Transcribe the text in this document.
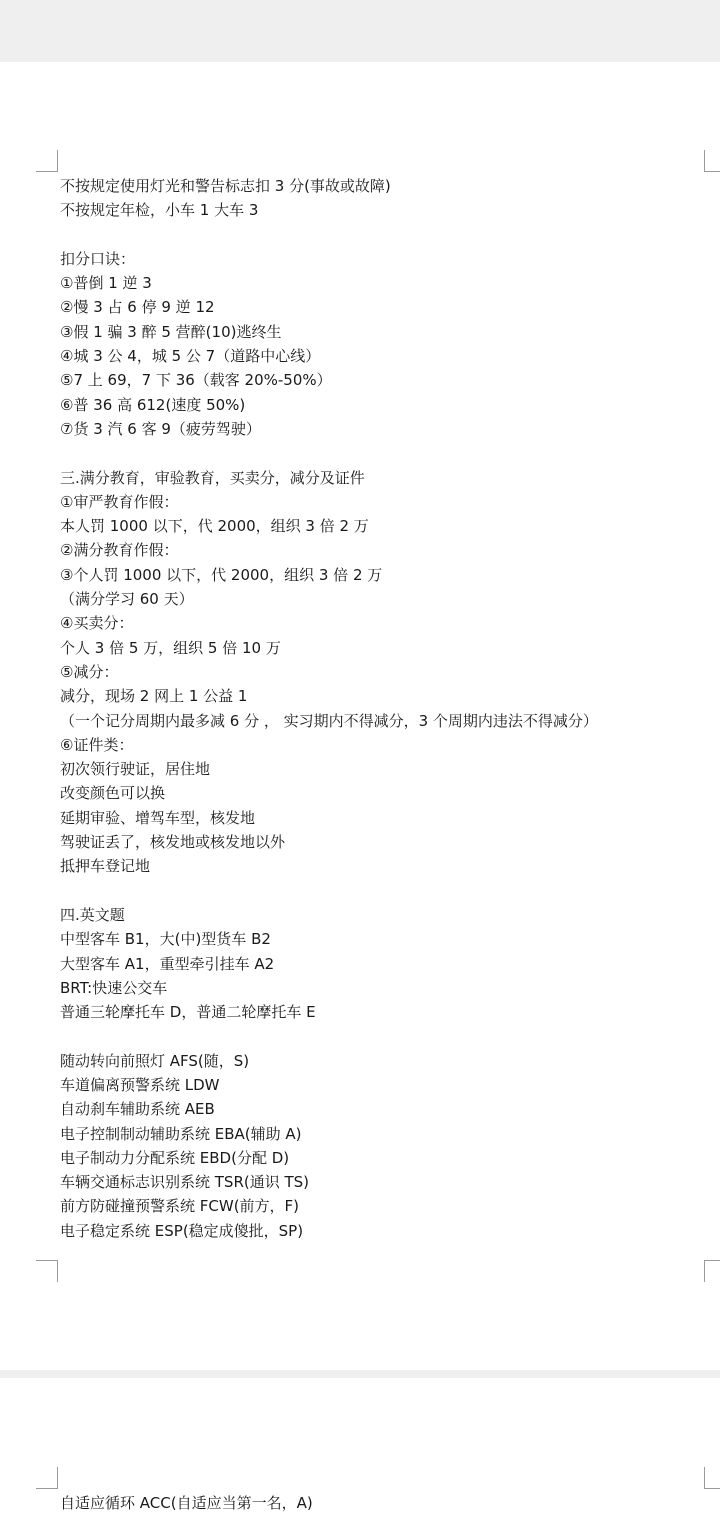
不按规定使用灯光和警告标志扣 3 分(事故或故障)
不按规定年检，小车 1 大车 3
扣分口诀：
①普倒 1 逆 3
②慢 3 占 6 停 9 逆 12
③假 1 骗 3 醉 5 营醉(10)逃终生
④城 3 公 4，城 5 公 7（道路中心线）
⑤7 上 69，7 下 36（载客 20%-50%）
⑥普 36 高 612(速度 50%)
⑦货 3 汽 6 客 9（疲劳驾驶）
三.满分教育，审验教育，买卖分，减分及证件
①审严教育作假：
本人罚 1000 以下，代 2000，组织 3 倍 2 万
②满分教育作假：
③个人罚 1000 以下，代 2000，组织 3 倍 2 万
（满分学习 60 天）
④买卖分：
个人 3 倍 5 万，组织 5 倍 10 万
⑤减分：
减分，现场 2 网上 1 公益 1
（一个记分周期内最多减 6 分 ， 实习期内不得减分，3 个周期内违法不得减分）
⑥证件类：
初次领行驶证，居住地
改变颜色可以换
延期审验、增驾车型，核发地
驾驶证丢了，核发地或核发地以外
抵押车登记地
四.英文题
中型客车 B1，大(中)型货车 B2
大型客车 A1，重型牵引挂车 A2
BRT:快速公交车
普通三轮摩托车 D，普通二轮摩托车 E
随动转向前照灯 AFS(随，S)
车道偏离预警系统 LDW
自动刹车辅助系统 AEB
电子控制制动辅助系统 EBA(辅助 A)
电子制动力分配系统 EBD(分配 D)
车辆交通标志识别系统 TSR(通识 TS)
前方防碰撞预警系统 FCW(前方，F)
电子稳定系统 ESP(稳定成傻批，SP)
自适应循环 ACC(自适应当第一名，A)
